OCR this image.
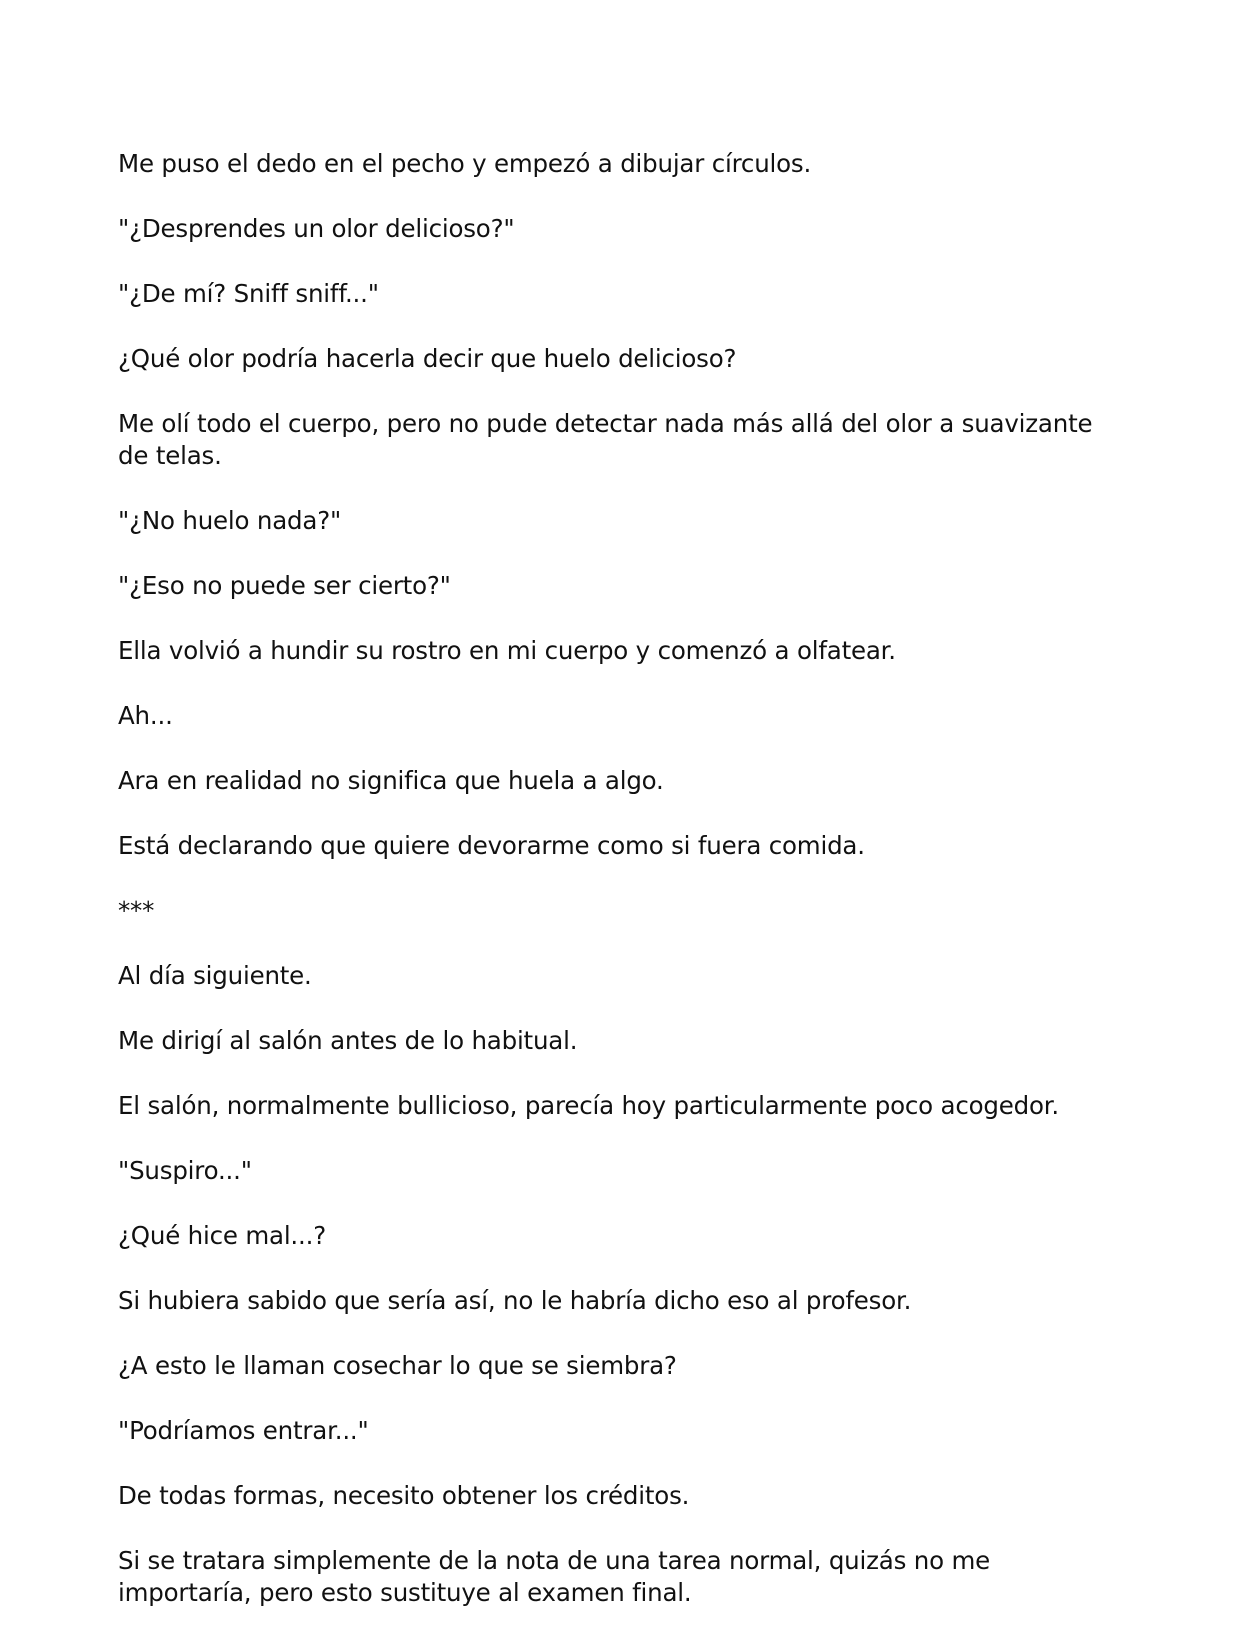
Me puso el dedo en el pecho y empezó a dibujar círculos.

"¿Desprendes un olor delicioso?"

"¿De mí? Sniff sniff..."

¿Qué olor podría hacerla decir que huelo delicioso?

Me olí todo el cuerpo, pero no pude detectar nada más allá del olor a suavizante de telas.

"¿No huelo nada?"

"¿Eso no puede ser cierto?"

Ella volvió a hundir su rostro en mi cuerpo y comenzó a olfatear.

Ah...

Ara en realidad no significa que huela a algo.

Está declarando que quiere devorarme como si fuera comida.

***

Al día siguiente.

Me dirigí al salón antes de lo habitual.

El salón, normalmente bullicioso, parecía hoy particularmente poco acogedor.

"Suspiro..."

¿Qué hice mal...?

Si hubiera sabido que sería así, no le habría dicho eso al profesor.

¿A esto le llaman cosechar lo que se siembra?

"Podríamos entrar..."

De todas formas, necesito obtener los créditos.

Si se tratara simplemente de la nota de una tarea normal, quizás no me importaría, pero esto sustituye al examen final.
